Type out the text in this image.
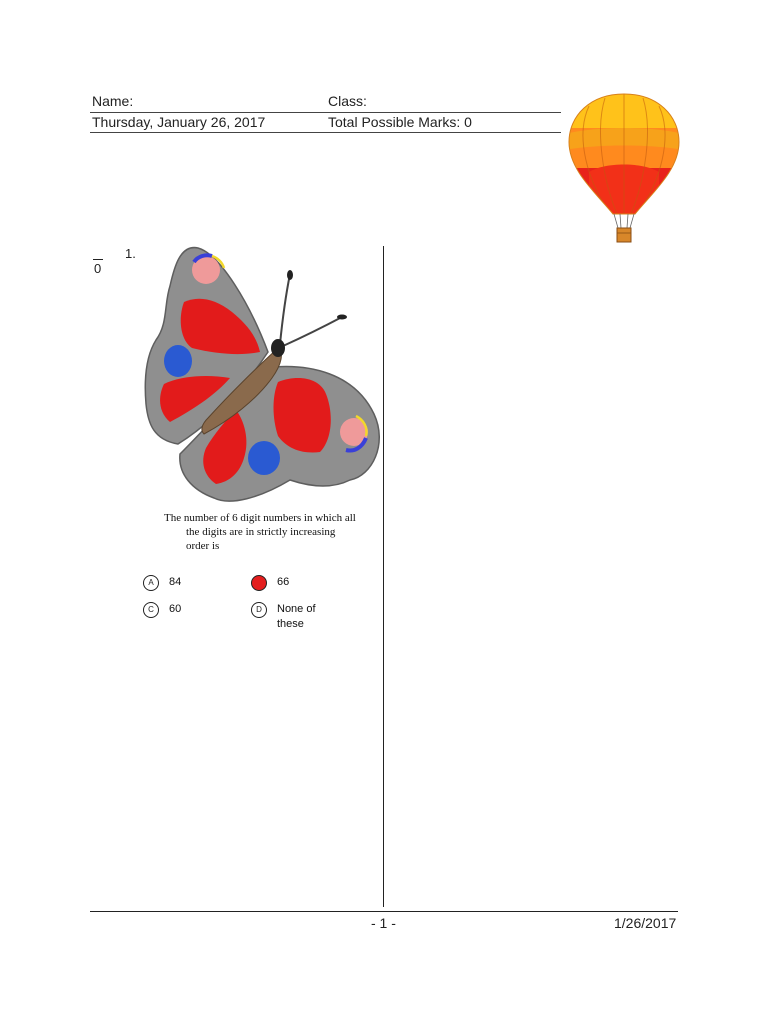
Name:	Class:
Thursday, January 26, 2017	Total Possible Marks: 0
0
1.
The number of 6 digit numbers in which all
the digits are in strictly increasing
order is
A	84	B	66
C	60	D	None of these
- 1 -	1/26/2017
